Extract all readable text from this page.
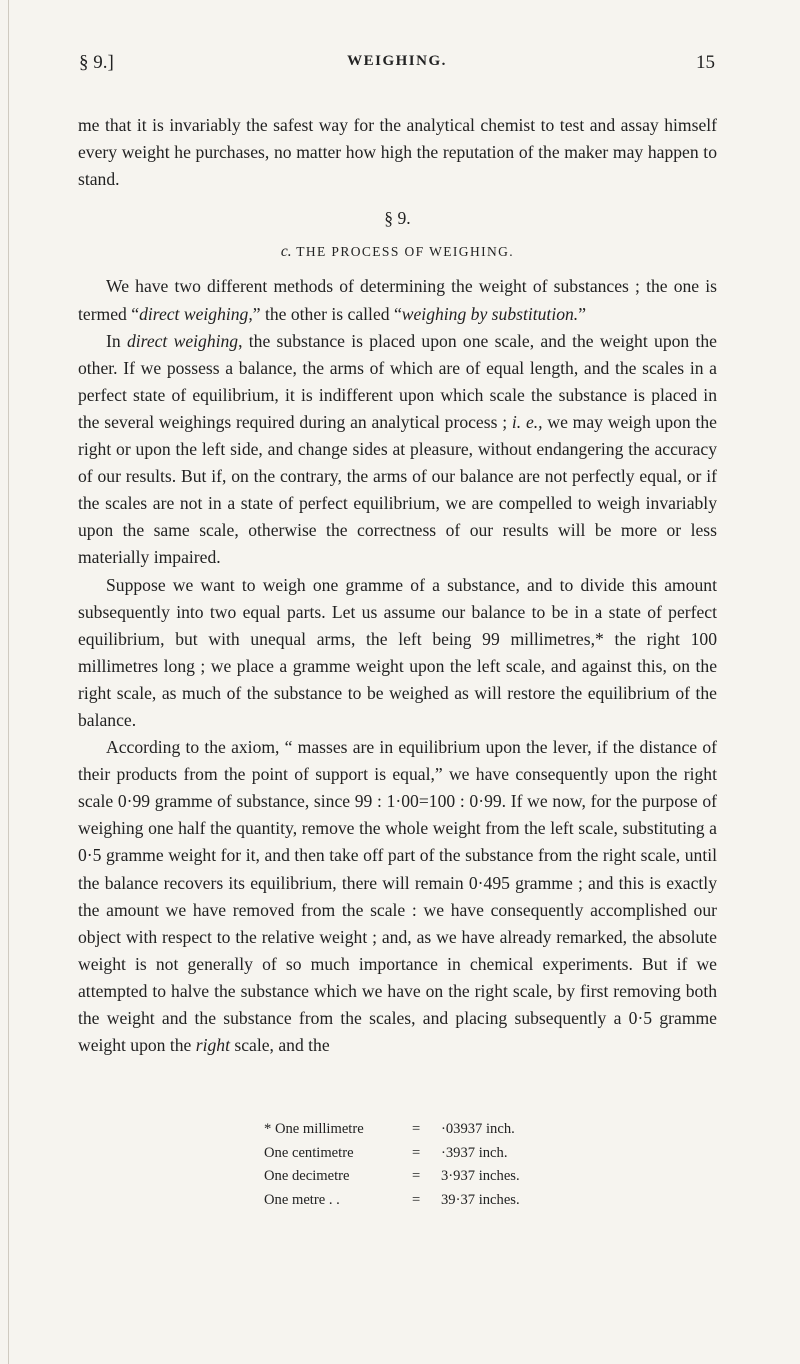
§ 9.]	WEIGHING.	15

me that it is invariably the safest way for the analytical chemist to test and assay himself every weight he purchases, no matter how high the reputation of the maker may happen to stand.

§ 9.
c. THE PROCESS OF WEIGHING.

We have two different methods of determining the weight of substances ; the one is termed “direct weighing,” the other is called “weighing by substitution.”

In direct weighing, the substance is placed upon one scale, and the weight upon the other. If we possess a balance, the arms of which are of equal length, and the scales in a perfect state of equilibrium, it is indifferent upon which scale the substance is placed in the several weighings required during an analytical process ; i. e., we may weigh upon the right or upon the left side, and change sides at pleasure, without endangering the accuracy of our results. But if, on the contrary, the arms of our balance are not perfectly equal, or if the scales are not in a state of perfect equilibrium, we are compelled to weigh invariably upon the same scale, otherwise the correctness of our results will be more or less materially impaired.

Suppose we want to weigh one gramme of a substance, and to divide this amount subsequently into two equal parts. Let us assume our balance to be in a state of perfect equilibrium, but with unequal arms, the left being 99 millimetres,* the right 100 millimetres long ; we place a gramme weight upon the left scale, and against this, on the right scale, as much of the substance to be weighed as will restore the equilibrium of the balance.

According to the axiom, “ masses are in equilibrium upon the lever, if the distance of their products from the point of support is equal,” we have consequently upon the right scale 0·99 gramme of substance, since 99 : 1·00=100 : 0·99. If we now, for the purpose of weighing one half the quantity, remove the whole weight from the left scale, substituting a 0·5 gramme weight for it, and then take off part of the substance from the right scale, until the balance recovers its equilibrium, there will remain 0·495 gramme ; and this is exactly the amount we have removed from the scale : we have consequently accomplished our object with respect to the relative weight ; and, as we have already remarked, the absolute weight is not generally of so much importance in chemical experiments. But if we attempted to halve the substance which we have on the right scale, by first removing both the weight and the substance from the scales, and placing subsequently a 0·5 gramme weight upon the right scale, and the

* One millimetre	=	·03937 inch.
One centimetre	=	·3937 inch.
One decimetre	=	3·937 inches.
One metre . .	=	39·37 inches.
